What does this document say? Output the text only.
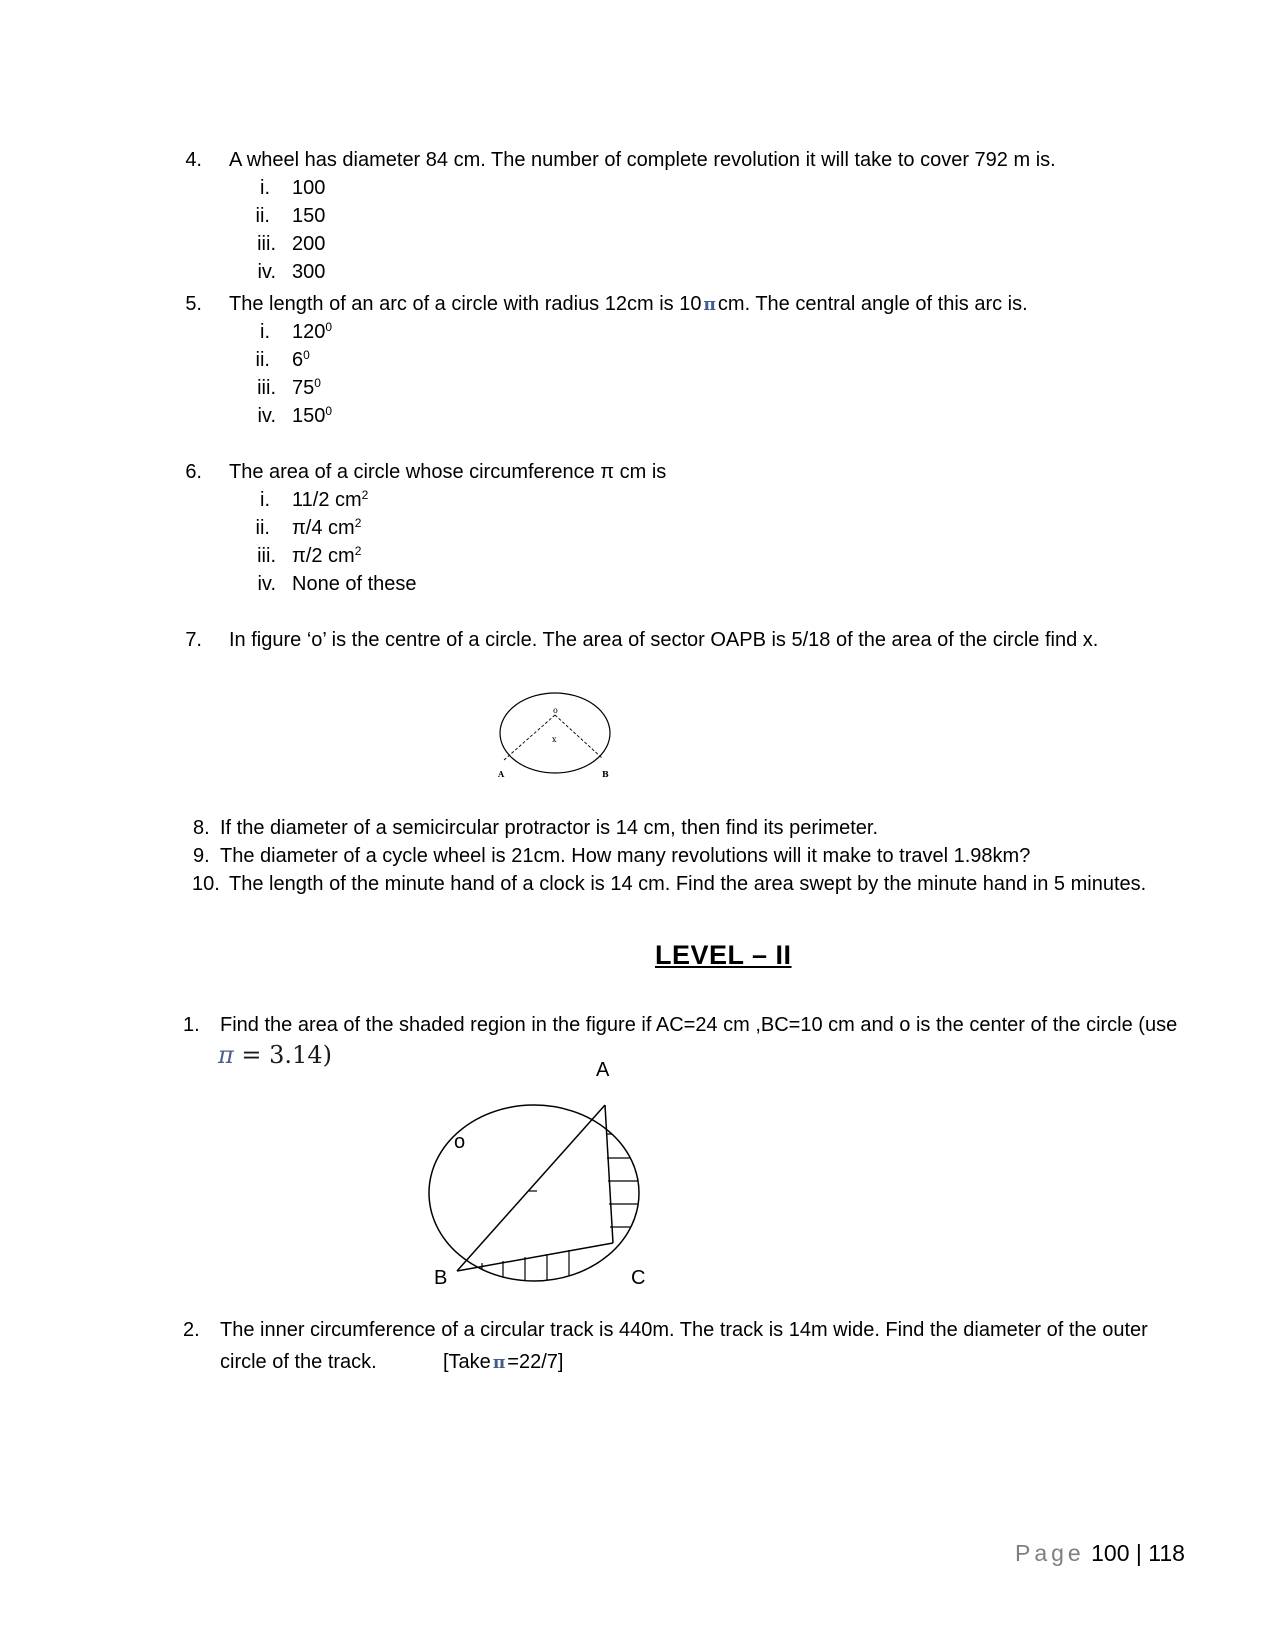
4. A wheel has diameter 84 cm. The number of complete revolution it will take to cover 792 m is.
i. 100
ii. 150
iii. 200
iv. 300
5. The length of an arc of a circle with radius 12cm is 10 π cm. The central angle of this arc is.
i. $120^0$
ii. $6^0$
iii. $75^0$
iv. $150^0$
6. The area of a circle whose circumference π cm is
i. 11/2 $cm^2$
ii. π/4 $cm^2$
iii. π/2 $cm^2$
iv. None of these
7. In figure ‘o’ is the centre of a circle. The area of sector OAPB is 5/18 of the area of the circle find x.
o
x
A	B
8. If the diameter of a semicircular protractor is 14 cm, then find its perimeter.
9. The diameter of a cycle wheel is 21cm. How many revolutions will it make to travel 1.98km?
10. The length of the minute hand of a clock is 14 cm. Find the area swept by the minute hand in 5 minutes.
LEVEL – II
1. Find the area of the shaded region in the figure if AC=24 cm ,BC=10 cm and o is the center of the circle (use
π = 3.14)
o
A
B	C
2. The inner circumference of a circular track is 440m. The track is 14m wide. Find the diameter of the outer
circle of the track.	[Take π =22/7]
Page 100 | 118
